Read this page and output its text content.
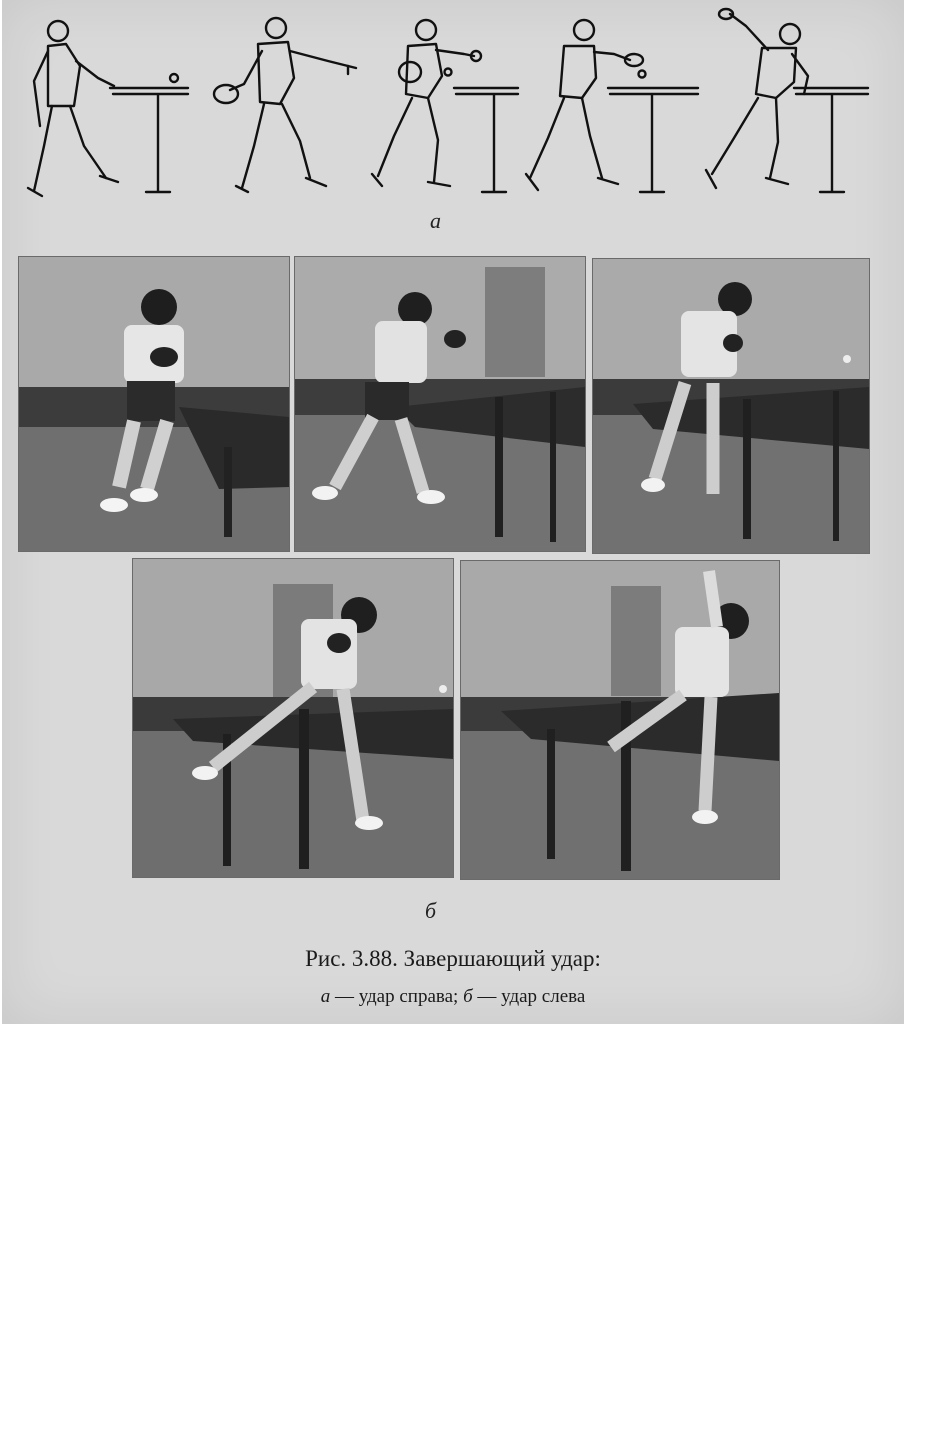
а
б
Рис. 3.88. Завершающий удар:
а — удар справа; б — удар слева
